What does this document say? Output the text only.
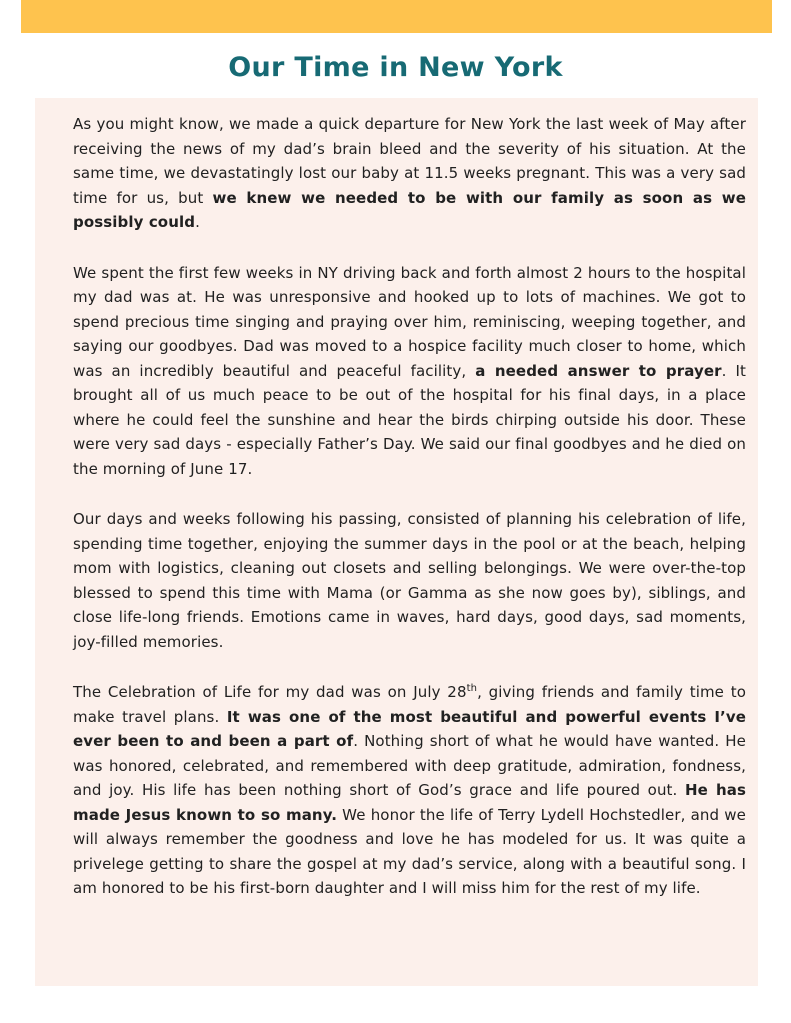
Our Time in New York

As you might know, we made a quick departure for New York the last week of May after receiving the news of my dad’s brain bleed and the severity of his situation. At the same time, we devastatingly lost our baby at 11.5 weeks pregnant. This was a very sad time for us, but we knew we needed to be with our family as soon as we possibly could.

We spent the first few weeks in NY driving back and forth almost 2 hours to the hospital my dad was at. He was unresponsive and hooked up to lots of machines. We got to spend precious time singing and praying over him, reminiscing, weeping together, and saying our goodbyes. Dad was moved to a hospice facility much closer to home, which was an incredibly beautiful and peaceful facility, a needed answer to prayer. It brought all of us much peace to be out of the hospital for his final days, in a place where he could feel the sunshine and hear the birds chirping outside his door. These were very sad days - especially Father’s Day. We said our final goodbyes and he died on the morning of June 17.

Our days and weeks following his passing, consisted of planning his celebration of life, spending time together, enjoying the summer days in the pool or at the beach, helping mom with logistics, cleaning out closets and selling belongings. We were over-the-top blessed to spend this time with Mama (or Gamma as she now goes by), siblings, and close life-long friends. Emotions came in waves, hard days, good days, sad moments, joy-filled memories.

The Celebration of Life for my dad was on July 28th, giving friends and family time to make travel plans. It was one of the most beautiful and powerful events I’ve ever been to and been a part of. Nothing short of what he would have wanted. He was honored, celebrated, and remembered with deep gratitude, admiration, fondness, and joy. His life has been nothing short of God’s grace and life poured out. He has made Jesus known to so many. We honor the life of Terry Lydell Hochstedler, and we will always remember the goodness and love he has modeled for us. It was quite a privelege getting to share the gospel at my dad’s service, along with a beautiful song. I am honored to be his first-born daughter and I will miss him for the rest of my life.
